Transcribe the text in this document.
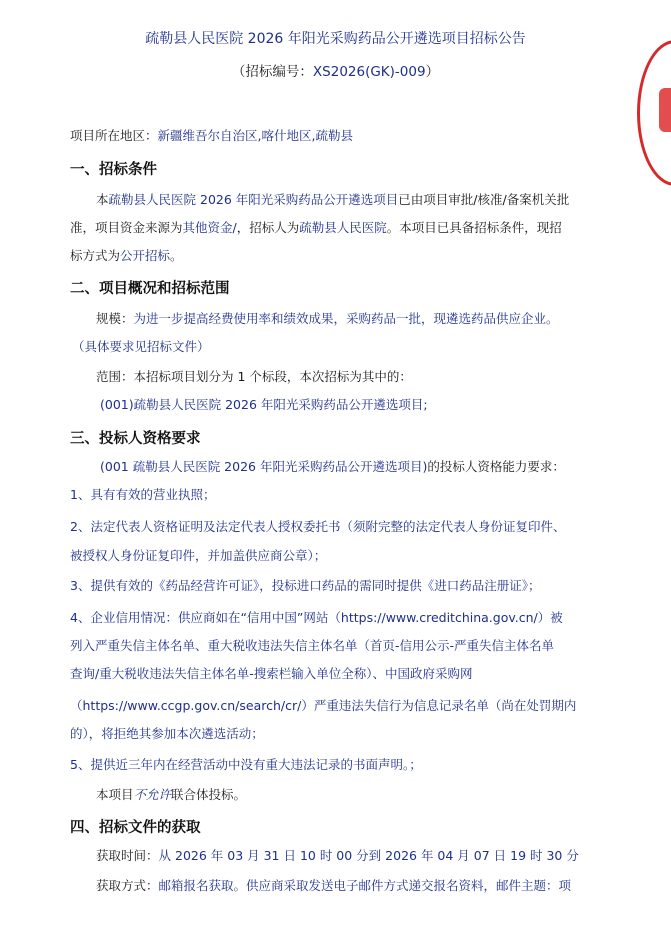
疏勒县人民医院 2026 年阳光采购药品公开遴选项目招标公告
（招标编号：XS2026(GK)-009）
项目所在地区：新疆维吾尔自治区,喀什地区,疏勒县
一、招标条件
本疏勒县人民医院 2026 年阳光采购药品公开遴选项目已由项目审批/核准/备案机关批
准，项目资金来源为其他资金/，招标人为疏勒县人民医院。本项目已具备招标条件，现招
标方式为公开招标。
二、项目概况和招标范围
规模：为进一步提高经费使用率和绩效成果，采购药品一批，现遴选药品供应企业。
（具体要求见招标文件）
范围：本招标项目划分为 1 个标段，本次招标为其中的：
(001)疏勒县人民医院 2026 年阳光采购药品公开遴选项目;
三、投标人资格要求
(001 疏勒县人民医院 2026 年阳光采购药品公开遴选项目)的投标人资格能力要求：
1、具有有效的营业执照；
2、法定代表人资格证明及法定代表人授权委托书（须附完整的法定代表人身份证复印件、
被授权人身份证复印件，并加盖供应商公章）；
3、提供有效的《药品经营许可证》，投标进口药品的需同时提供《进口药品注册证》；
4、企业信用情况：供应商如在“信用中国”网站（https://www.creditchina.gov.cn/）被
列入严重失信主体名单、重大税收违法失信主体名单（首页-信用公示-严重失信主体名单
查询/重大税收违法失信主体名单-搜索栏输入单位全称）、中国政府采购网
（https://www.ccgp.gov.cn/search/cr/）严重违法失信行为信息记录名单（尚在处罚期内
的），将拒绝其参加本次遴选活动；
5、提供近三年内在经营活动中没有重大违法记录的书面声明。；
本项目不允许联合体投标。
四、招标文件的获取
获取时间：从 2026 年 03 月 31 日 10 时 00 分到 2026 年 04 月 07 日 19 时 30 分
获取方式：邮箱报名获取。供应商采取发送电子邮件方式递交报名资料，邮件主题：项
